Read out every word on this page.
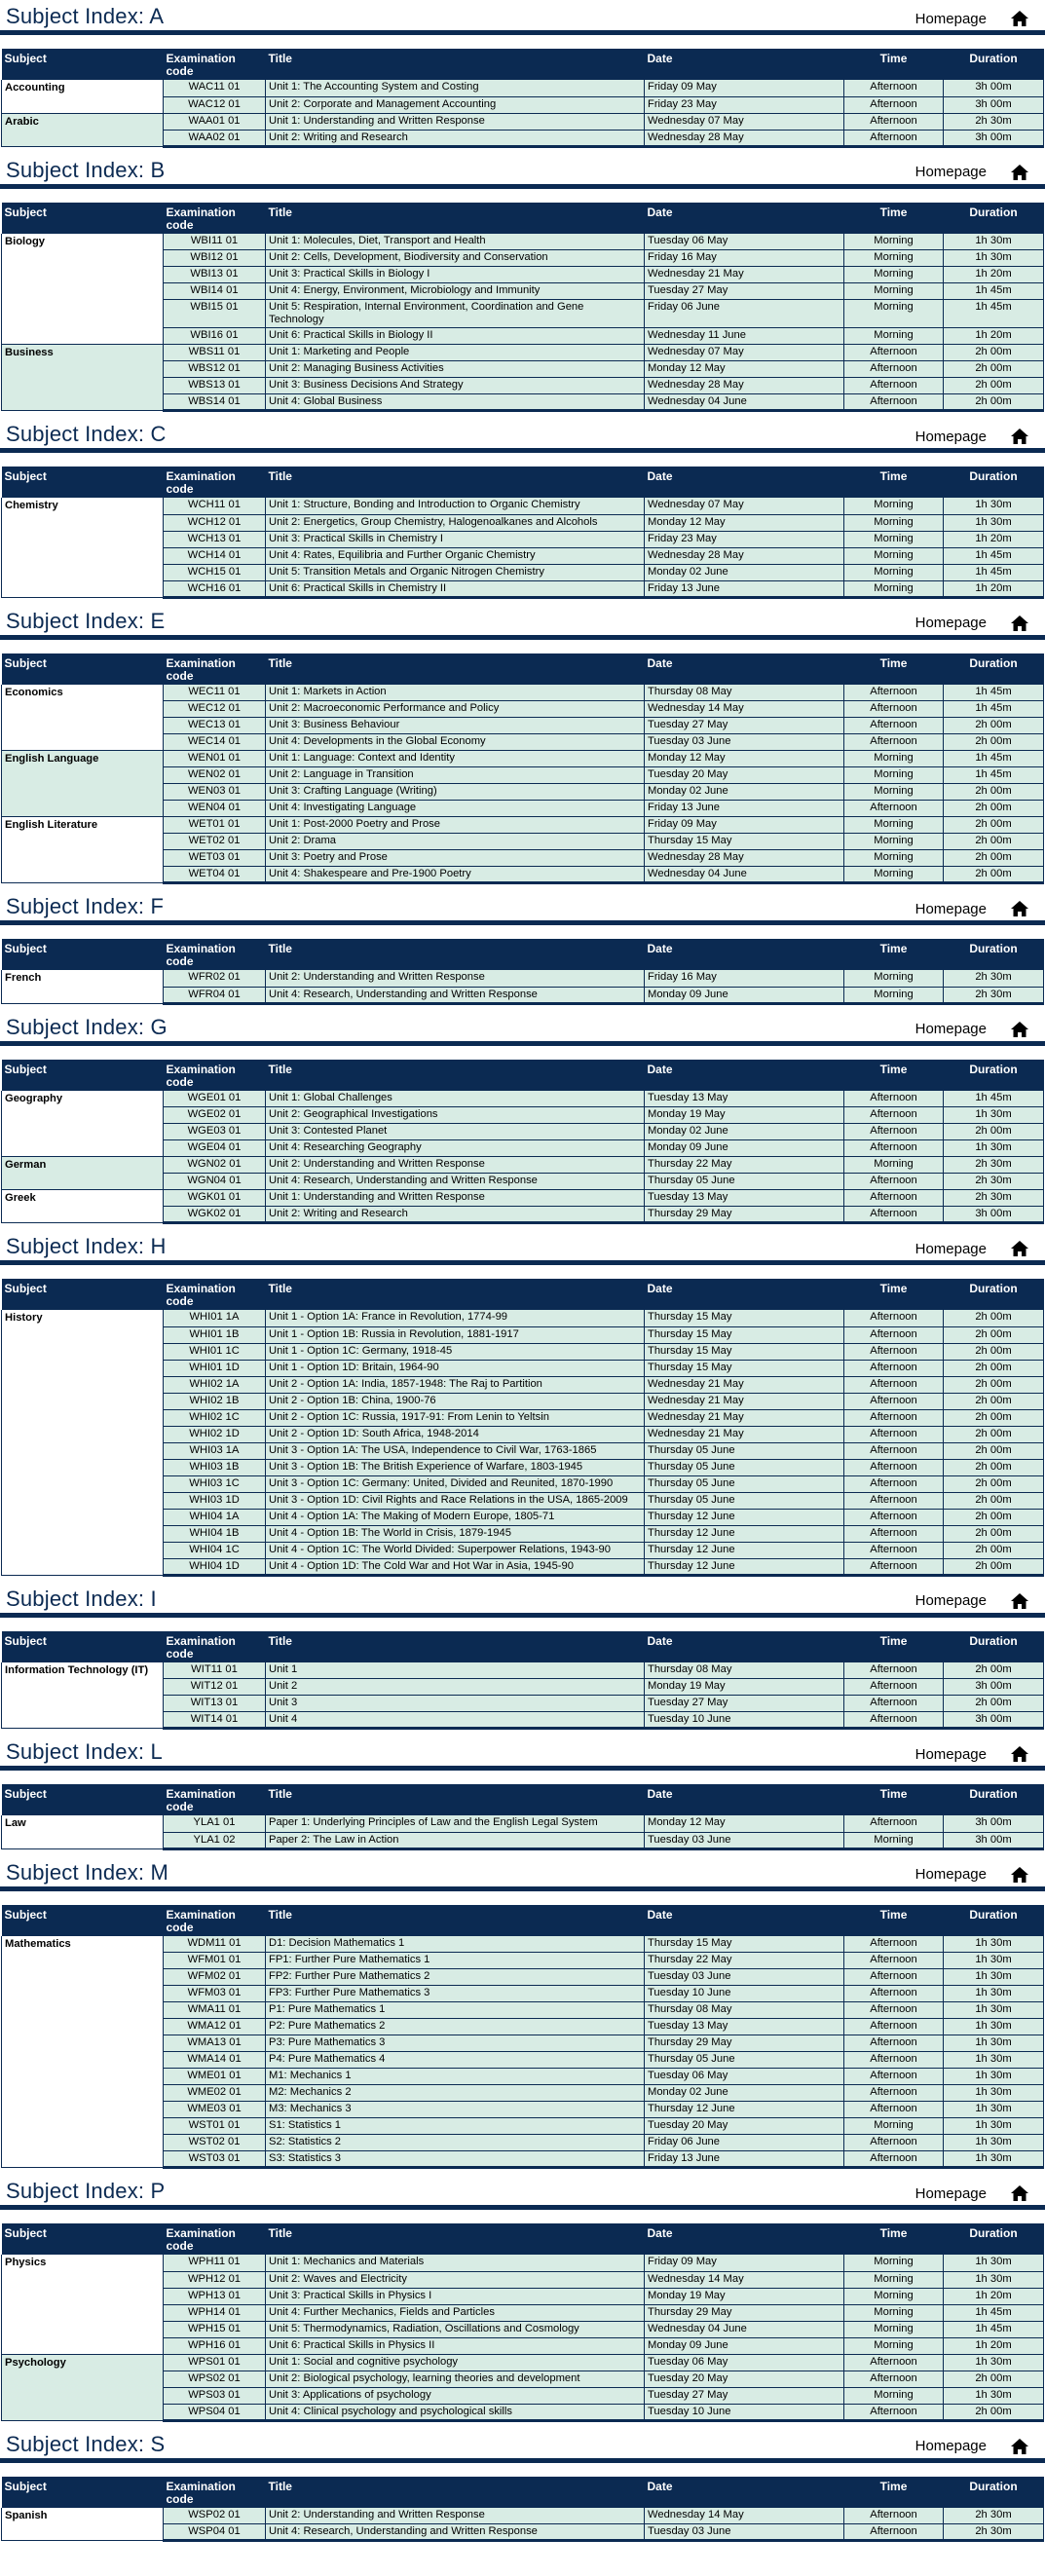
Subject Index: A	Homepage
Subject	Examination code	Title	Date	Time	Duration
Accounting	WAC11 01	Unit 1: The Accounting System and Costing	Friday 09 May	Afternoon	3h 00m
	WAC12 01	Unit 2: Corporate and Management Accounting	Friday 23 May	Afternoon	3h 00m
Arabic	WAA01 01	Unit 1: Understanding and Written Response	Wednesday 07 May	Afternoon	2h 30m
	WAA02 01	Unit 2: Writing and Research	Wednesday 28 May	Afternoon	3h 00m
Subject Index: B	Homepage
Subject	Examination code	Title	Date	Time	Duration
Biology	WBI11 01	Unit 1: Molecules, Diet, Transport and Health	Tuesday 06 May	Morning	1h 30m
	WBI12 01	Unit 2: Cells, Development, Biodiversity and Conservation	Friday 16 May	Morning	1h 30m
	WBI13 01	Unit 3: Practical Skills in Biology I	Wednesday 21 May	Morning	1h 20m
	WBI14 01	Unit 4: Energy, Environment, Microbiology and Immunity	Tuesday 27 May	Morning	1h 45m
	WBI15 01	Unit 5: Respiration, Internal Environment, Coordination and Gene Technology	Friday 06 June	Morning	1h 45m
	WBI16 01	Unit 6: Practical Skills in Biology II	Wednesday 11 June	Morning	1h 20m
Business	WBS11 01	Unit 1: Marketing and People	Wednesday 07 May	Afternoon	2h 00m
	WBS12 01	Unit 2: Managing Business Activities	Monday 12 May	Afternoon	2h 00m
	WBS13 01	Unit 3: Business Decisions And Strategy	Wednesday 28 May	Afternoon	2h 00m
	WBS14 01	Unit 4: Global Business	Wednesday 04 June	Afternoon	2h 00m
Subject Index: C	Homepage
Subject	Examination code	Title	Date	Time	Duration
Chemistry	WCH11 01	Unit 1: Structure, Bonding and Introduction to Organic Chemistry	Wednesday 07 May	Morning	1h 30m
	WCH12 01	Unit 2: Energetics, Group Chemistry, Halogenoalkanes and Alcohols	Monday 12 May	Morning	1h 30m
	WCH13 01	Unit 3: Practical Skills in Chemistry I	Friday 23 May	Morning	1h 20m
	WCH14 01	Unit 4: Rates, Equilibria and Further Organic Chemistry	Wednesday 28 May	Morning	1h 45m
	WCH15 01	Unit 5: Transition Metals and Organic Nitrogen Chemistry	Monday 02 June	Morning	1h 45m
	WCH16 01	Unit 6: Practical Skills in Chemistry II	Friday 13 June	Morning	1h 20m
Subject Index: E	Homepage
Subject	Examination code	Title	Date	Time	Duration
Economics	WEC11 01	Unit 1: Markets in Action	Thursday 08 May	Afternoon	1h 45m
	WEC12 01	Unit 2: Macroeconomic Performance and Policy	Wednesday 14 May	Afternoon	1h 45m
	WEC13 01	Unit 3: Business Behaviour	Tuesday 27 May	Afternoon	2h 00m
	WEC14 01	Unit 4: Developments in the Global Economy	Tuesday 03 June	Afternoon	2h 00m
English Language	WEN01 01	Unit 1: Language: Context and Identity	Monday 12 May	Morning	1h 45m
	WEN02 01	Unit 2: Language in Transition	Tuesday 20 May	Morning	1h 45m
	WEN03 01	Unit 3: Crafting Language (Writing)	Monday 02 June	Morning	2h 00m
	WEN04 01	Unit 4: Investigating Language	Friday 13 June	Afternoon	2h 00m
English Literature	WET01 01	Unit 1: Post-2000 Poetry and Prose	Friday 09 May	Morning	2h 00m
	WET02 01	Unit 2: Drama	Thursday 15 May	Morning	2h 00m
	WET03 01	Unit 3: Poetry and Prose	Wednesday 28 May	Morning	2h 00m
	WET04 01	Unit 4: Shakespeare and Pre-1900 Poetry	Wednesday 04 June	Morning	2h 00m
Subject Index: F	Homepage
Subject	Examination code	Title	Date	Time	Duration
French	WFR02 01	Unit 2: Understanding and Written Response	Friday 16 May	Morning	2h 30m
	WFR04 01	Unit 4: Research, Understanding and Written Response	Monday 09 June	Morning	2h 30m
Subject Index: G	Homepage
Subject	Examination code	Title	Date	Time	Duration
Geography	WGE01 01	Unit 1: Global Challenges	Tuesday 13 May	Afternoon	1h 45m
	WGE02 01	Unit 2: Geographical Investigations	Monday 19 May	Afternoon	1h 30m
	WGE03 01	Unit 3: Contested Planet	Monday 02 June	Afternoon	2h 00m
	WGE04 01	Unit 4: Researching Geography	Monday 09 June	Afternoon	1h 30m
German	WGN02 01	Unit 2: Understanding and Written Response	Thursday 22 May	Morning	2h 30m
	WGN04 01	Unit 4: Research, Understanding and Written Response	Thursday 05 June	Afternoon	2h 30m
Greek	WGK01 01	Unit 1: Understanding and Written Response	Tuesday 13 May	Afternoon	2h 30m
	WGK02 01	Unit 2: Writing and Research	Thursday 29 May	Afternoon	3h 00m
Subject Index: H	Homepage
Subject	Examination code	Title	Date	Time	Duration
History	WHI01 1A	Unit 1 - Option 1A: France in Revolution, 1774-99	Thursday 15 May	Afternoon	2h 00m
	WHI01 1B	Unit 1 - Option 1B: Russia in Revolution, 1881-1917	Thursday 15 May	Afternoon	2h 00m
	WHI01 1C	Unit 1 - Option 1C: Germany, 1918-45	Thursday 15 May	Afternoon	2h 00m
	WHI01 1D	Unit 1 - Option 1D: Britain, 1964-90	Thursday 15 May	Afternoon	2h 00m
	WHI02 1A	Unit 2 - Option 1A: India, 1857-1948: The Raj to Partition	Wednesday 21 May	Afternoon	2h 00m
	WHI02 1B	Unit 2 - Option 1B: China, 1900-76	Wednesday 21 May	Afternoon	2h 00m
	WHI02 1C	Unit 2 - Option 1C: Russia, 1917-91: From Lenin to Yeltsin	Wednesday 21 May	Afternoon	2h 00m
	WHI02 1D	Unit 2 - Option 1D: South Africa, 1948-2014	Wednesday 21 May	Afternoon	2h 00m
	WHI03 1A	Unit 3 - Option 1A: The USA, Independence to Civil War, 1763-1865	Thursday 05 June	Afternoon	2h 00m
	WHI03 1B	Unit 3 - Option 1B: The British Experience of Warfare, 1803-1945	Thursday 05 June	Afternoon	2h 00m
	WHI03 1C	Unit 3 - Option 1C: Germany: United, Divided and Reunited, 1870-1990	Thursday 05 June	Afternoon	2h 00m
	WHI03 1D	Unit 3 - Option 1D: Civil Rights and Race Relations in the USA, 1865-2009	Thursday 05 June	Afternoon	2h 00m
	WHI04 1A	Unit 4 - Option 1A: The Making of Modern Europe, 1805-71	Thursday 12 June	Afternoon	2h 00m
	WHI04 1B	Unit 4 - Option 1B: The World in Crisis, 1879-1945	Thursday 12 June	Afternoon	2h 00m
	WHI04 1C	Unit 4 - Option 1C: The World Divided: Superpower Relations, 1943-90	Thursday 12 June	Afternoon	2h 00m
	WHI04 1D	Unit 4 - Option 1D: The Cold War and Hot War in Asia, 1945-90	Thursday 12 June	Afternoon	2h 00m
Subject Index: I	Homepage
Subject	Examination code	Title	Date	Time	Duration
Information Technology (IT)	WIT11 01	Unit 1	Thursday 08 May	Afternoon	2h 00m
	WIT12 01	Unit 2	Monday 19 May	Afternoon	3h 00m
	WIT13 01	Unit 3	Tuesday 27 May	Afternoon	2h 00m
	WIT14 01	Unit 4	Tuesday 10 June	Afternoon	3h 00m
Subject Index: L	Homepage
Subject	Examination code	Title	Date	Time	Duration
Law	YLA1 01	Paper 1: Underlying Principles of Law and the English Legal System	Monday 12 May	Afternoon	3h 00m
	YLA1 02	Paper 2: The Law in Action	Tuesday 03 June	Morning	3h 00m
Subject Index: M	Homepage
Subject	Examination code	Title	Date	Time	Duration
Mathematics	WDM11 01	D1: Decision Mathematics 1	Thursday 15 May	Afternoon	1h 30m
	WFM01 01	FP1: Further Pure Mathematics 1	Thursday 22 May	Afternoon	1h 30m
	WFM02 01	FP2: Further Pure Mathematics 2	Tuesday 03 June	Afternoon	1h 30m
	WFM03 01	FP3: Further Pure Mathematics 3	Tuesday 10 June	Afternoon	1h 30m
	WMA11 01	P1: Pure Mathematics 1	Thursday 08 May	Afternoon	1h 30m
	WMA12 01	P2: Pure Mathematics 2	Tuesday 13 May	Afternoon	1h 30m
	WMA13 01	P3: Pure Mathematics 3	Thursday 29 May	Afternoon	1h 30m
	WMA14 01	P4: Pure Mathematics 4	Thursday 05 June	Afternoon	1h 30m
	WME01 01	M1: Mechanics 1	Tuesday 06 May	Afternoon	1h 30m
	WME02 01	M2: Mechanics 2	Monday 02 June	Afternoon	1h 30m
	WME03 01	M3: Mechanics 3	Thursday 12 June	Afternoon	1h 30m
	WST01 01	S1: Statistics 1	Tuesday 20 May	Morning	1h 30m
	WST02 01	S2: Statistics 2	Friday 06 June	Afternoon	1h 30m
	WST03 01	S3: Statistics 3	Friday 13 June	Afternoon	1h 30m
Subject Index: P	Homepage
Subject	Examination code	Title	Date	Time	Duration
Physics	WPH11 01	Unit 1: Mechanics and Materials	Friday 09 May	Morning	1h 30m
	WPH12 01	Unit 2: Waves and Electricity	Wednesday 14 May	Morning	1h 30m
	WPH13 01	Unit 3: Practical Skills in Physics I	Monday 19 May	Morning	1h 20m
	WPH14 01	Unit 4: Further Mechanics, Fields and Particles	Thursday 29 May	Morning	1h 45m
	WPH15 01	Unit 5: Thermodynamics, Radiation, Oscillations and Cosmology	Wednesday 04 June	Morning	1h 45m
	WPH16 01	Unit 6: Practical Skills in Physics II	Monday 09 June	Morning	1h 20m
Psychology	WPS01 01	Unit 1: Social and cognitive psychology	Tuesday 06 May	Afternoon	1h 30m
	WPS02 01	Unit 2: Biological psychology, learning theories and development	Tuesday 20 May	Afternoon	2h 00m
	WPS03 01	Unit 3: Applications of psychology	Tuesday 27 May	Morning	1h 30m
	WPS04 01	Unit 4: Clinical psychology and psychological skills	Tuesday 10 June	Afternoon	2h 00m
Subject Index: S	Homepage
Subject	Examination code	Title	Date	Time	Duration
Spanish	WSP02 01	Unit 2: Understanding and Written Response	Wednesday 14 May	Afternoon	2h 30m
	WSP04 01	Unit 4: Research, Understanding and Written Response	Tuesday 03 June	Afternoon	2h 30m
